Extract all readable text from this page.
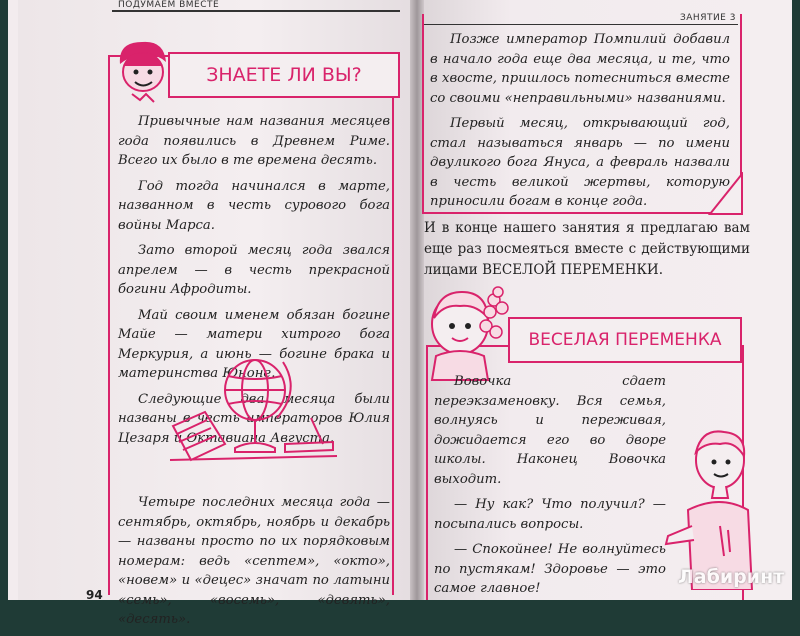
ПОДУМАЕМ ВМЕСТЕ
ЗАНЯТИЕ 3
ЗНАЕТЕ ЛИ ВЫ?

Привычные нам названия месяцев года появились в Древнем Риме. Всего их было в те времена десять.

Год тогда начинался в марте, названном в честь сурового бога войны Марса.

Зато второй месяц года звался апрелем — в честь прекрасной богини Афродиты.

Май своим именем обязан богине Майе — матери хитрого бога Меркурия, а июнь — богине брака и материнства Юноне.

Следующие два месяца были названы в честь императоров Юлия Цезаря и Октавиана Августа.

Четыре последних месяца года — сентябрь, октябрь, ноябрь и декабрь — названы просто по их порядковым номерам: ведь «септем», «окто», «новем» и «децес» значат по латыни «семь», «восемь», «девять», «десять».

94

Позже император Помпилий добавил в начало года еще два месяца, и те, что в хвосте, пришлось потесниться вместе со своими «неправильными» названиями.

Первый месяц, открывающий год, стал называться январь — по имени двуликого бога Януса, а февраль назвали в честь великой жертвы, которую приносили богам в конце года.

И в конце нашего занятия я предлагаю вам еще раз посмеяться вместе с действующими лицами ВЕСЕЛОЙ ПЕРЕМЕНКИ.
ВЕСЕЛАЯ ПЕРЕМЕНКА

Вовочка сдает переэкзаменовку. Вся семья, волнуясь и переживая, дожидается его во дворе школы. Наконец Вовочка выходит.

— Ну как? Что получил? — посыпались вопросы.

— Спокойнее! Не волнуйтесь по пустякам! Здоровье — это самое главное!

Лабиринт
